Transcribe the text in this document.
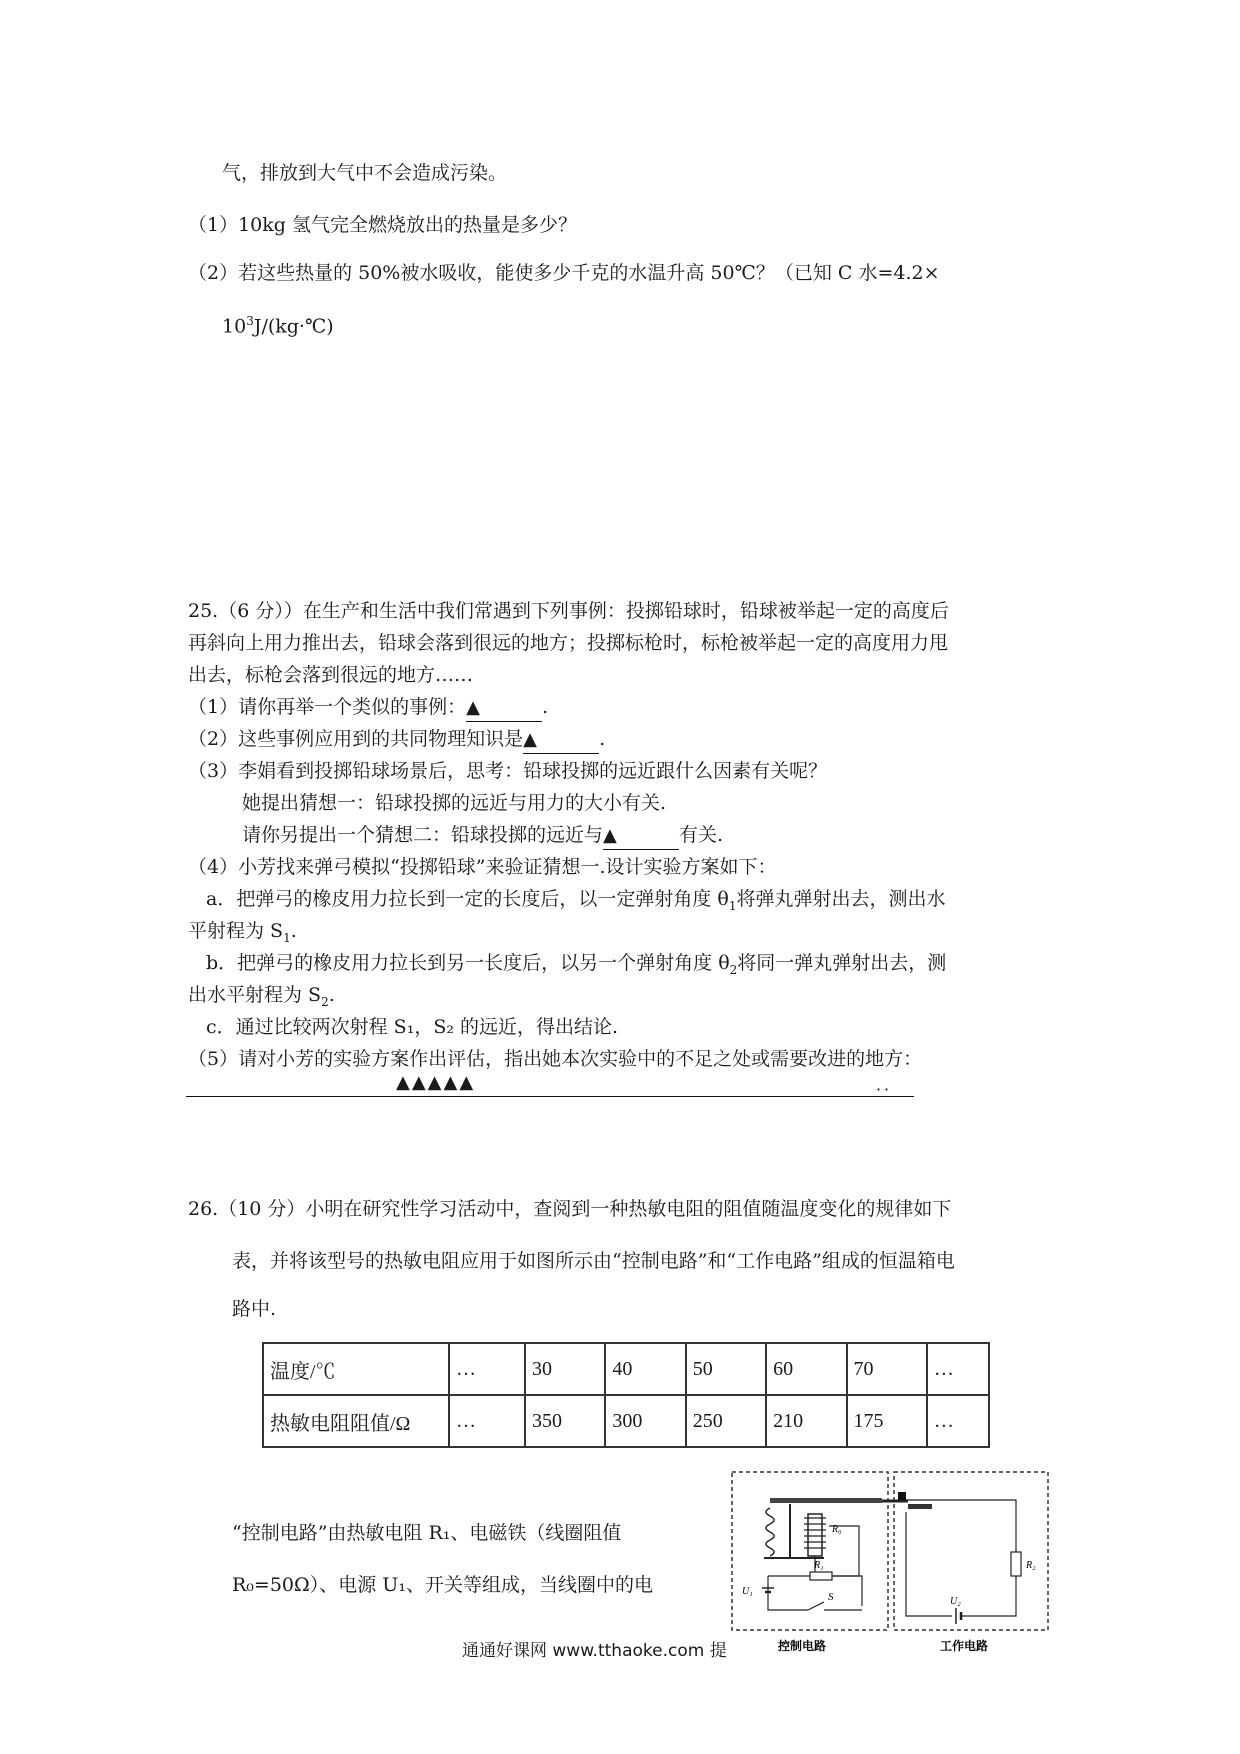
气，排放到大气中不会造成污染。
（1）10kg 氢气完全燃烧放出的热量是多少？
（2）若这些热量的 50%被水吸收，能使多少千克的水温升高 50℃？（已知 C 水=4.2×
$10^3J/(kg\cdot℃)$
25.（6 分））在生产和生活中我们常遇到下列事例：投掷铅球时，铅球被举起一定的高度后
再斜向上用力推出去，铅球会落到很远的地方；投掷标枪时，标枪被举起一定的高度用力甩
出去，标枪会落到很远的地方……
（1）请你再举一个类似的事例：▲	.
（2）这些事例应用到的共同物理知识是▲	.
（3）李娟看到投掷铅球场景后，思考：铅球投掷的远近跟什么因素有关呢？
她提出猜想一：铅球投掷的远近与用力的大小有关.
请你另提出一个猜想二：铅球投掷的远近与▲	有关.
（4）小芳找来弹弓模拟“投掷铅球”来验证猜想一.设计实验方案如下：
a．把弹弓的橡皮用力拉长到一定的长度后，以一定弹射角度 $\theta_1$将弹丸弹射出去，测出水
平射程为 $S_1$.
b．把弹弓的橡皮用力拉长到另一长度后，以另一个弹射角度 $\theta_2$将同一弹丸弹射出去，测
出水平射程为 $S_2$.
c．通过比较两次射程 S₁，S₂ 的远近，得出结论.
（5）请对小芳的实验方案作出评估，指出她本次实验中的不足之处或需要改进的地方：
▲▲▲▲▲	．．
26.（10 分）小明在研究性学习活动中，查阅到一种热敏电阻的阻值随温度变化的规律如下
表，并将该型号的热敏电阻应用于如图所示由“控制电路”和“工作电路”组成的恒温箱电
路中.
温度/℃	…	30	40	50	60	70	…
热敏电阻阻值/Ω	…	350	300	250	210	175	…
“控制电路”由热敏电阻 R₁、电磁铁（线圈阻值
R₀=50Ω）、电源 U₁、开关等组成，当线圈中的电
R₀
R₁
S
U₁
R₂
U₂
控制电路	工作电路
通通好课网 www.tthaoke.com 提
